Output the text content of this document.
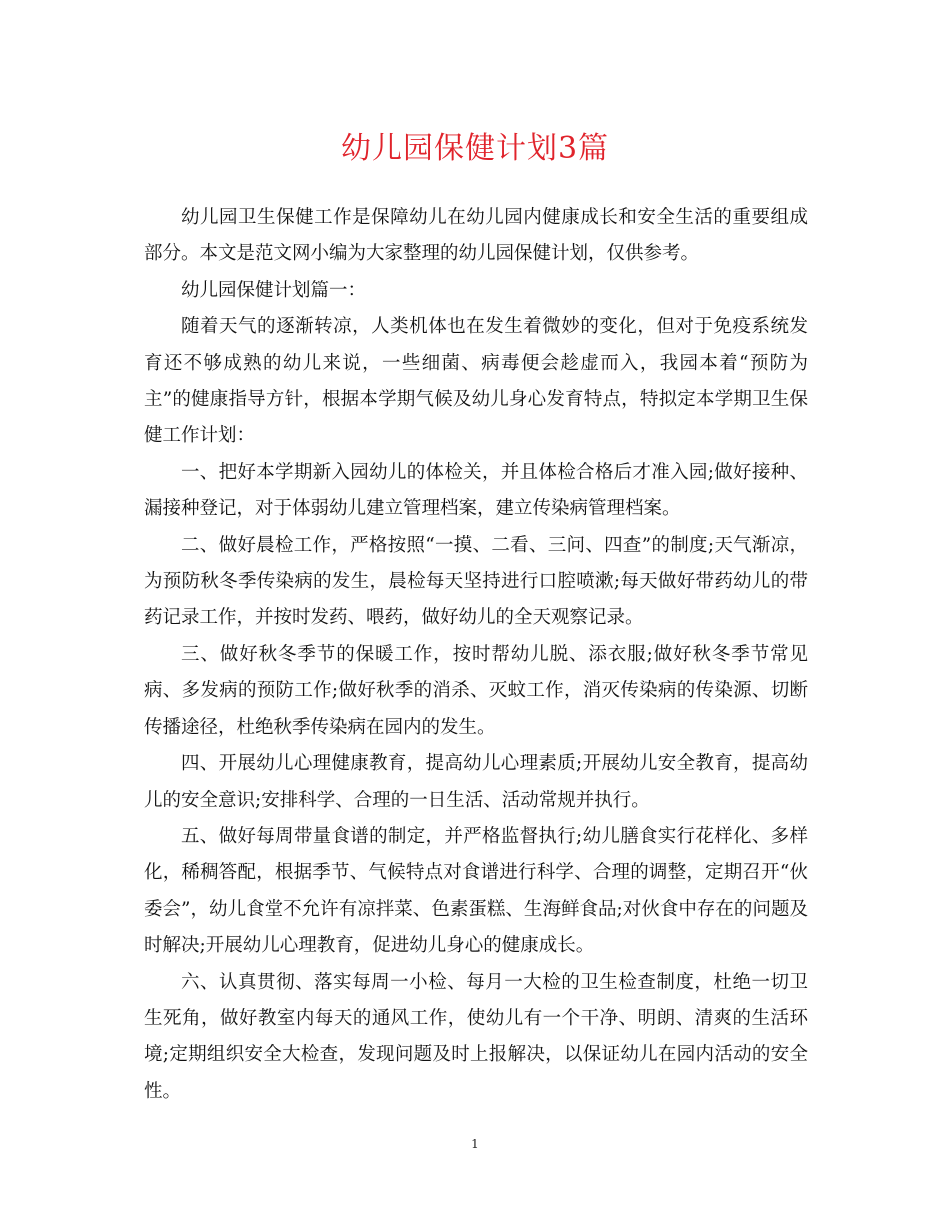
幼儿园保健计划3篇

幼儿园卫生保健工作是保障幼儿在幼儿园内健康成长和安全生活的重要组成部分。本文是范文网小编为大家整理的幼儿园保健计划，仅供参考。

幼儿园保健计划篇一：

随着天气的逐渐转凉，人类机体也在发生着微妙的变化，但对于免疫系统发育还不够成熟的幼儿来说，一些细菌、病毒便会趁虚而入，我园本着“预防为主”的健康指导方针，根据本学期气候及幼儿身心发育特点，特拟定本学期卫生保健工作计划：

一、把好本学期新入园幼儿的体检关，并且体检合格后才准入园;做好接种、漏接种登记，对于体弱幼儿建立管理档案，建立传染病管理档案。

二、做好晨检工作，严格按照“一摸、二看、三问、四查”的制度;天气渐凉，为预防秋冬季传染病的发生，晨检每天坚持进行口腔喷漱;每天做好带药幼儿的带药记录工作，并按时发药、喂药，做好幼儿的全天观察记录。

三、做好秋冬季节的保暖工作，按时帮幼儿脱、添衣服;做好秋冬季节常见病、多发病的预防工作;做好秋季的消杀、灭蚊工作，消灭传染病的传染源、切断传播途径，杜绝秋季传染病在园内的发生。

四、开展幼儿心理健康教育，提高幼儿心理素质;开展幼儿安全教育，提高幼儿的安全意识;安排科学、合理的一日生活、活动常规并执行。

五、做好每周带量食谱的制定，并严格监督执行;幼儿膳食实行花样化、多样化，稀稠答配，根据季节、气候特点对食谱进行科学、合理的调整，定期召开“伙委会”，幼儿食堂不允许有凉拌菜、色素蛋糕、生海鲜食品;对伙食中存在的问题及时解决;开展幼儿心理教育，促进幼儿身心的健康成长。

六、认真贯彻、落实每周一小检、每月一大检的卫生检查制度，杜绝一切卫生死角，做好教室内每天的通风工作，使幼儿有一个干净、明朗、清爽的生活环境;定期组织安全大检查，发现问题及时上报解决，以保证幼儿在园内活动的安全性。

1
